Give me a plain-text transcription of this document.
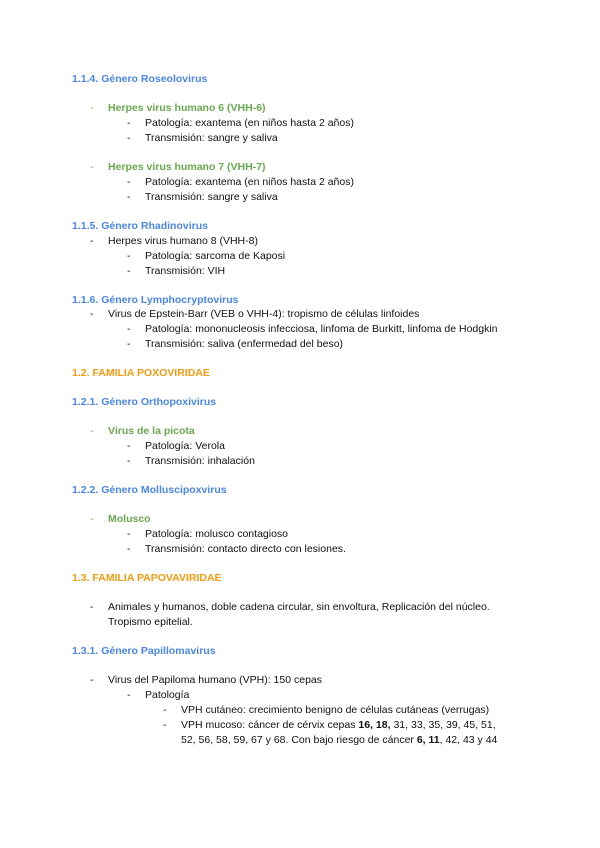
1.1.4. Género Roseolovirus
- Herpes virus humano 6 (VHH-6)
- Patología: exantema (en niños hasta 2 años)
- Transmisión: sangre y saliva
- Herpes virus humano 7 (VHH-7)
- Patología: exantema (en niños hasta 2 años)
- Transmisión: sangre y saliva
1.1.5. Género Rhadinovirus
- Herpes virus humano 8 (VHH-8)
- Patología: sarcoma de Kaposi
- Transmisión: VIH
1.1.6. Género Lymphocryptovirus
- Virus de Epstein-Barr (VEB o VHH-4): tropismo de células linfoides
- Patología: mononucleosis infecciosa, linfoma de Burkitt, linfoma de Hodgkin
- Transmisión: saliva (enfermedad del beso)
1.2. FAMILIA POXOVIRIDAE
1.2.1. Género Orthopoxivirus
- Virus de la picota
- Patología: Verola
- Transmisión: inhalación
1.2.2. Género Molluscipoxvirus
- Molusco
- Patología: molusco contagioso
- Transmisión: contacto directo con lesiones.
1.3. FAMILIA PAPOVAVIRIDAE
- Animales y humanos, doble cadena circular, sin envoltura, Replicación del núcleo.
Tropismo epitelial.
1.3.1. Género Papillomavirus
- Virus del Papiloma humano (VPH): 150 cepas
- Patología
- VPH cutáneo: crecimiento benigno de células cutáneas (verrugas)
- VPH mucoso: cáncer de cérvix cepas 16, 18, 31, 33, 35, 39, 45, 51,
52, 56, 58, 59, 67 y 68. Con bajo riesgo de cáncer 6, 11, 42, 43 y 44
